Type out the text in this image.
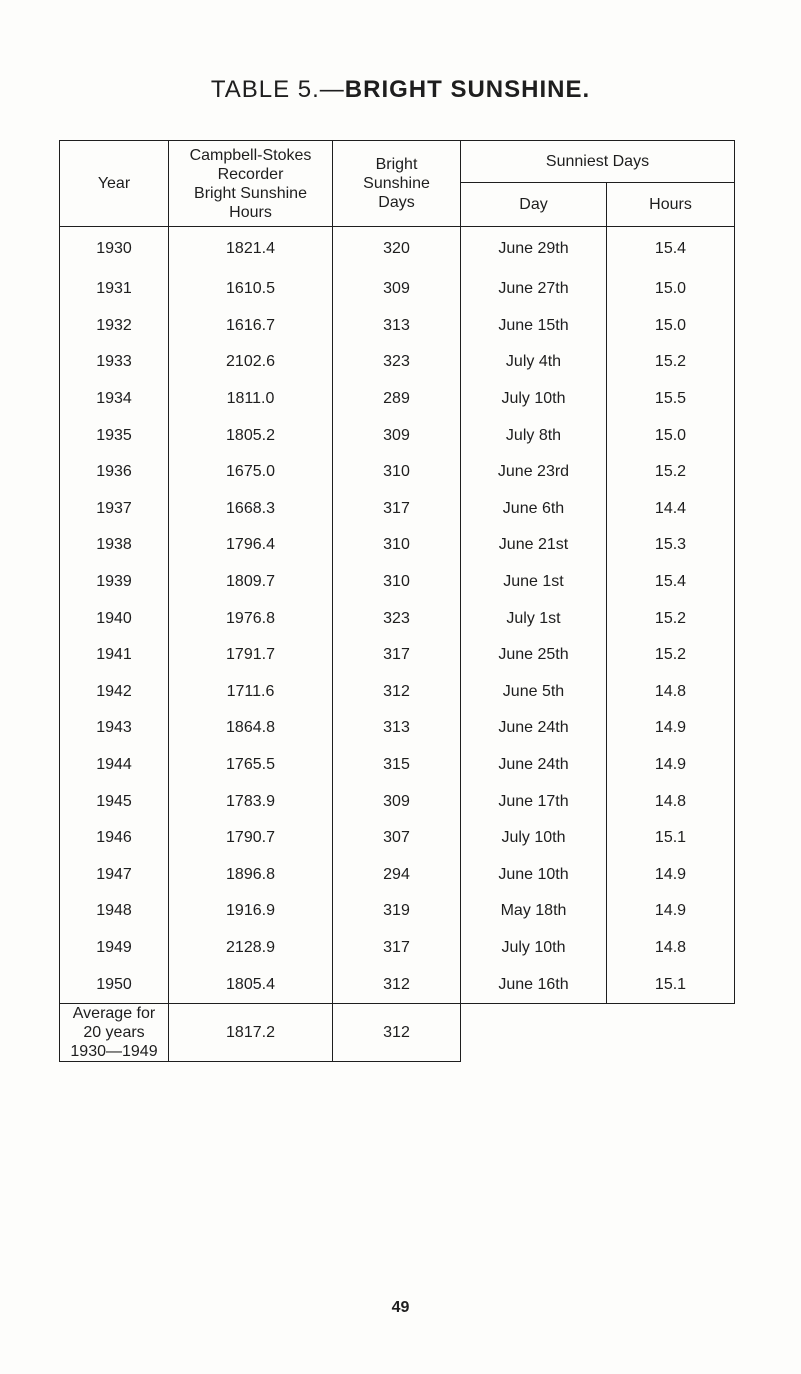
TABLE 5.—BRIGHT SUNSHINE.
Year	Campbell-Stokes
Recorder
Bright Sunshine
Hours	Bright
Sunshine
Days	Sunniest Days	
			Day	Hours
1930	1821.4	320	June 29th	15.4
1931	1610.5	309	June 27th	15.0
1932	1616.7	313	June 15th	15.0
1933	2102.6	323	July 4th	15.2
1934	1811.0	289	July 10th	15.5
1935	1805.2	309	July 8th	15.0
1936	1675.0	310	June 23rd	15.2
1937	1668.3	317	June 6th	14.4
1938	1796.4	310	June 21st	15.3
1939	1809.7	310	June 1st	15.4
1940	1976.8	323	July 1st	15.2
1941	1791.7	317	June 25th	15.2
1942	1711.6	312	June 5th	14.8
1943	1864.8	313	June 24th	14.9
1944	1765.5	315	June 24th	14.9
1945	1783.9	309	June 17th	14.8
1946	1790.7	307	July 10th	15.1
1947	1896.8	294	June 10th	14.9
1948	1916.9	319	May 18th	14.9
1949	2128.9	317	July 10th	14.8
1950	1805.4	312	June 16th	15.1
Average for
20 years
1930—1949	1817.2	312		
49
